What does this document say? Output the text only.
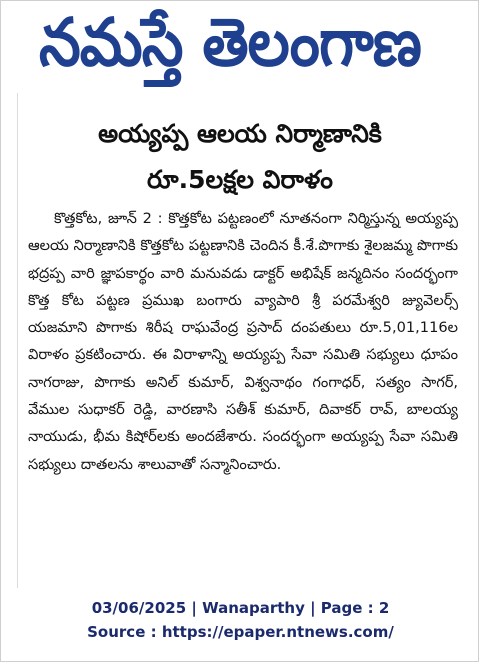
నమస్తే తెలంగాణ
అయ్యప్ప ఆలయ నిర్మాణానికి
రూ.5లక్షల విరాళం

కొత్తకోట, జూన్ 2 : కొత్తకోట పట్టణంలో నూతనంగా నిర్మిస్తున్న అయ్యప్ప ఆలయ నిర్మాణానికి కొత్తకోట పట్టణానికి చెందిన కీ.శే.పొగాకు శైలజమ్మ పొగాకు భద్రప్ప వారి జ్ఞాపకార్థం వారి మనువడు డాక్టర్ అభిషేక్ జన్మదినం సందర్భంగా కొత్త కోట పట్టణ ప్రముఖ బంగారు వ్యాపారి శ్రీ పరమేశ్వరి జ్యువెలర్స్ యజమాని పొగాకు శిరీష రాఘవేంద్ర ప్రసాద్ దంపతులు రూ.5,01,116ల విరాళం ప్రకటించారు. ఈ విరాళాన్ని అయ్యప్ప సేవా సమితి సభ్యులు ధూపం నాగరాజు, పొగాకు అనిల్ కుమార్, విశ్వనాథం గంగాధర్, సత్యం సాగర్, వేముల సుధాకర్ రెడ్డి, వారణాసి సతీశ్ కుమార్, దివాకర్ రావ్, బాలయ్య నాయుడు, భీమ కిషోర్‌లకు అందజేశారు. సందర్భంగా అయ్యప్ప సేవా సమితి సభ్యులు దాతలను శాలువాతో సన్మానించారు.

03/06/2025 | Wanaparthy | Page : 2
Source : https://epaper.ntnews.com/
